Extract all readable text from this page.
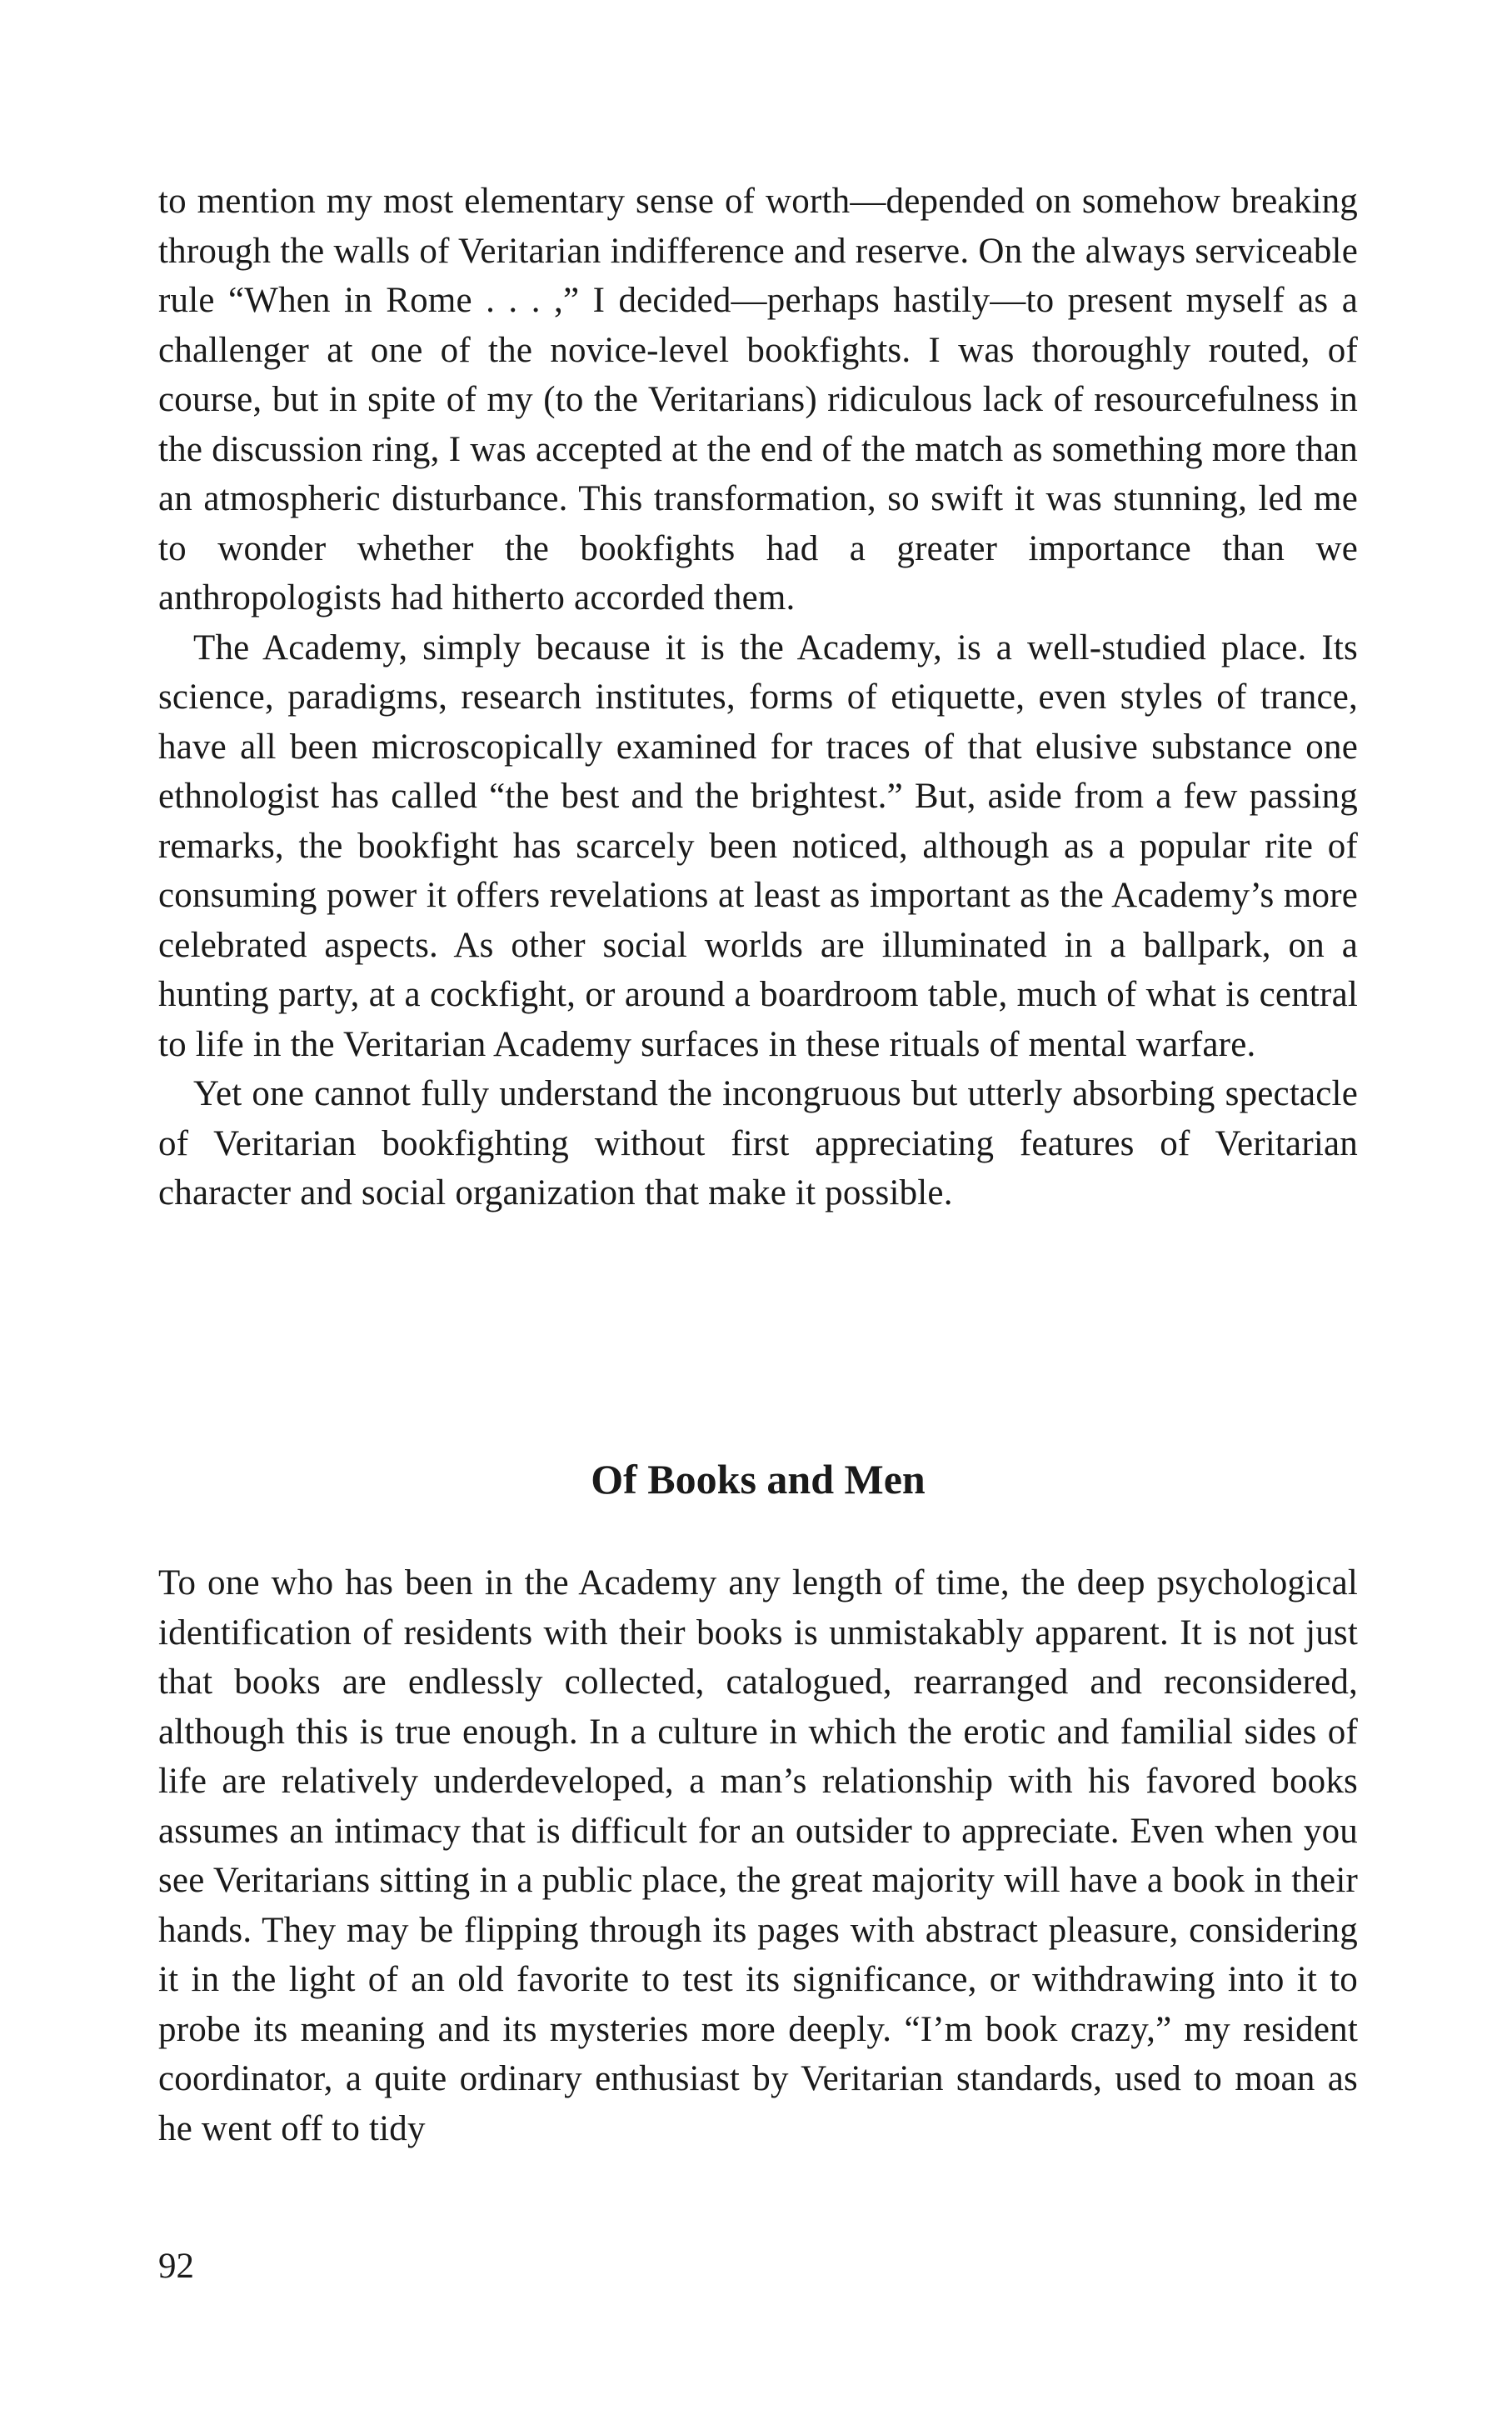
to mention my most elementary sense of worth—depended on somehow breaking through the walls of Veritarian indifference and reserve. On the always serviceable rule “When in Rome . . . ,” I decided—perhaps hastily—to present myself as a challenger at one of the novice-level bookfights. I was thoroughly routed, of course, but in spite of my (to the Veritarians) ridiculous lack of resourcefulness in the discussion ring, I was accepted at the end of the match as something more than an atmospheric disturbance. This transformation, so swift it was stunning, led me to wonder whether the bookfights had a greater importance than we anthropologists had hitherto accorded them.

The Academy, simply because it is the Academy, is a well-studied place. Its science, paradigms, research institutes, forms of etiquette, even styles of trance, have all been microscopically examined for traces of that elusive substance one ethnologist has called “the best and the brightest.” But, aside from a few passing remarks, the bookfight has scarcely been noticed, although as a popular rite of consuming power it offers revelations at least as important as the Academy’s more celebrated aspects. As other social worlds are illuminated in a ballpark, on a hunting party, at a cockfight, or around a boardroom table, much of what is central to life in the Veritarian Academy surfaces in these rituals of mental warfare.

Yet one cannot fully understand the incongruous but utterly absorbing spectacle of Veritarian bookfighting without first appreciating features of Veritarian character and social organization that make it possible.

Of Books and Men

To one who has been in the Academy any length of time, the deep psychological identification of residents with their books is unmistakably apparent. It is not just that books are endlessly collected, catalogued, rearranged and reconsidered, although this is true enough. In a culture in which the erotic and familial sides of life are relatively underdeveloped, a man’s relationship with his favored books assumes an intimacy that is difficult for an outsider to appreciate. Even when you see Veritarians sitting in a public place, the great majority will have a book in their hands. They may be flipping through its pages with abstract pleasure, considering it in the light of an old favorite to test its significance, or withdrawing into it to probe its meaning and its mysteries more deeply. “I’m book crazy,” my resident coordinator, a quite ordinary enthusiast by Veritarian standards, used to moan as he went off to tidy

92
